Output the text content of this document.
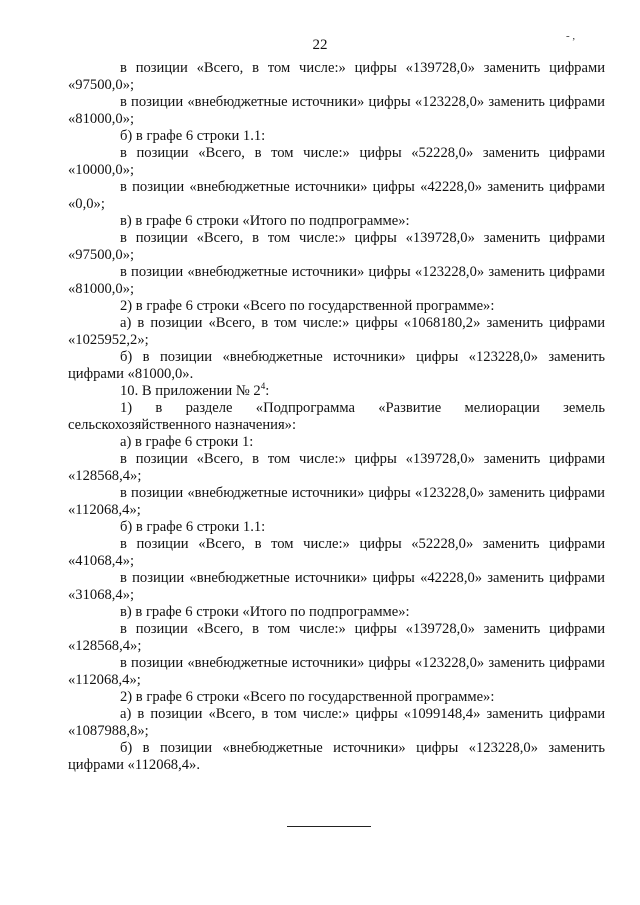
- ,
22

в позиции «Всего, в том числе:» цифры «139728,0» заменить цифрами «97500,0»;

в позиции «внебюджетные источники» цифры «123228,0» заменить цифрами «81000,0»;

б) в графе 6 строки 1.1:

в позиции «Всего, в том числе:» цифры «52228,0» заменить цифрами «10000,0»;

в позиции «внебюджетные источники» цифры «42228,0» заменить цифрами «0,0»;

в) в графе 6 строки «Итого по подпрограмме»:

в позиции «Всего, в том числе:» цифры «139728,0» заменить цифрами «97500,0»;

в позиции «внебюджетные источники» цифры «123228,0» заменить цифрами «81000,0»;

2) в графе 6 строки «Всего по государственной программе»:

а) в позиции «Всего, в том числе:» цифры «1068180,2» заменить цифрами «1025952,2»;

б) в позиции «внебюджетные источники» цифры «123228,0» заменить цифрами «81000,0».

10. В приложении № $2^4$:

1) в разделе «Подпрограмма «Развитие мелиорации земель сельскохозяйственного назначения»:

а) в графе 6 строки 1:

в позиции «Всего, в том числе:» цифры «139728,0» заменить цифрами «128568,4»;

в позиции «внебюджетные источники» цифры «123228,0» заменить цифрами «112068,4»;

б) в графе 6 строки 1.1:

в позиции «Всего, в том числе:» цифры «52228,0» заменить цифрами «41068,4»;

в позиции «внебюджетные источники» цифры «42228,0» заменить цифрами «31068,4»;

в) в графе 6 строки «Итого по подпрограмме»:

в позиции «Всего, в том числе:» цифры «139728,0» заменить цифрами «128568,4»;

в позиции «внебюджетные источники» цифры «123228,0» заменить цифрами «112068,4»;

2) в графе 6 строки «Всего по государственной программе»:

а) в позиции «Всего, в том числе:» цифры «1099148,4» заменить цифрами «1087988,8»;

б) в позиции «внебюджетные источники» цифры «123228,0» заменить цифрами «112068,4».
